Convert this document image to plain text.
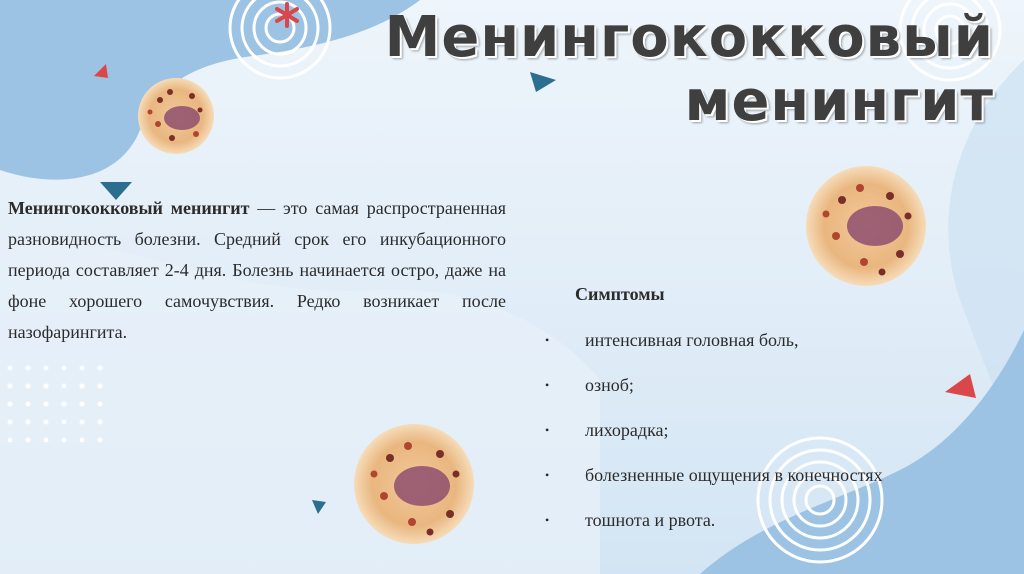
Менингококковый
менингит
Менингококковый менингит — это самая распространенная разновидность болезни. Средний срок его инкубационного периода составляет 2-4 дня. Болезнь начинается остро, даже на фоне хорошего самочувствия. Редко возникает после назофарингита.
Симптомы
• интенсивная головная боль,
• озноб;
• лихорадка;
• болезненные ощущения в конечностях
• тошнота и рвота.
